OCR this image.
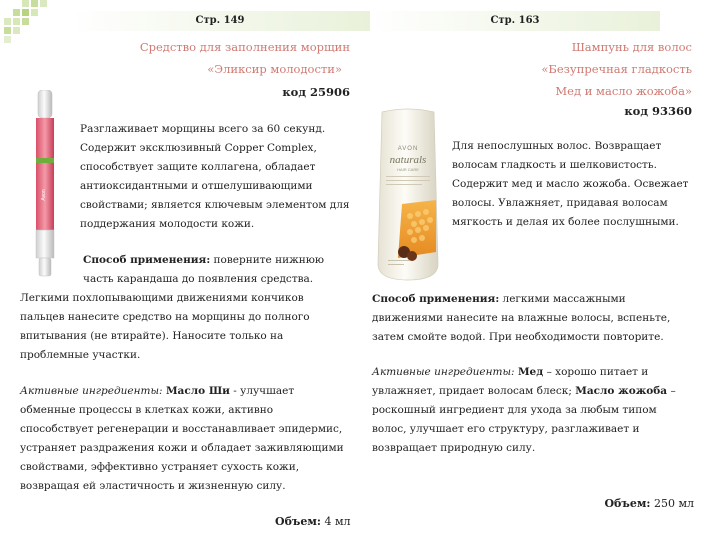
Стр. 149	Стр. 163
Средство для заполнения морщин
«Эликсир молодости»
код 25906
Avon
Разглаживает морщины всего за 60 секунд.
Содержит эксклюзивный Copper Complex,
способствует защите коллагена, обладает
антиоксидантными и отшелушивающими
свойствами; является ключевым элементом для
поддержания молодости кожи.
Способ применения: поверните нижнюю
часть карандаша до появления средства.
Легкими похлопывающими движениями кончиков
пальцев нанесите средство на морщины до полного
впитывания (не втирайте). Наносите только на
проблемные участки.
Активные ингредиенты: Масло Ши - улучшает
обменные процессы в клетках кожи, активно
способствует регенерации и восстанавливает эпидермис,
устраняет раздражения кожи и обладает заживляющими
свойствами, эффективно устраняет сухость кожи,
возвращая ей эластичность и жизненную силу.
Объем: 4 мл
Шампунь для волос
«Безупречная гладкость
Мед и масло жожоба»
код 93360
AVON
naturals
HAIR CARE
Для непослушных волос. Возвращает
волосам гладкость и шелковистость.
Содержит мед и масло жожоба. Освежает
волосы. Увлажняет, придавая волосам
мягкость и делая их более послушными.
Способ применения: легкими массажными
движениями нанесите на влажные волосы, вспеньте,
затем смойте водой. При необходимости повторите.
Активные ингредиенты: Мед – хорошо питает и
увлажняет, придает волосам блеск; Масло жожоба –
роскошный ингредиент для ухода за любым типом
волос, улучшает его структуру, разглаживает и
возвращает природную силу.
Объем: 250 мл
